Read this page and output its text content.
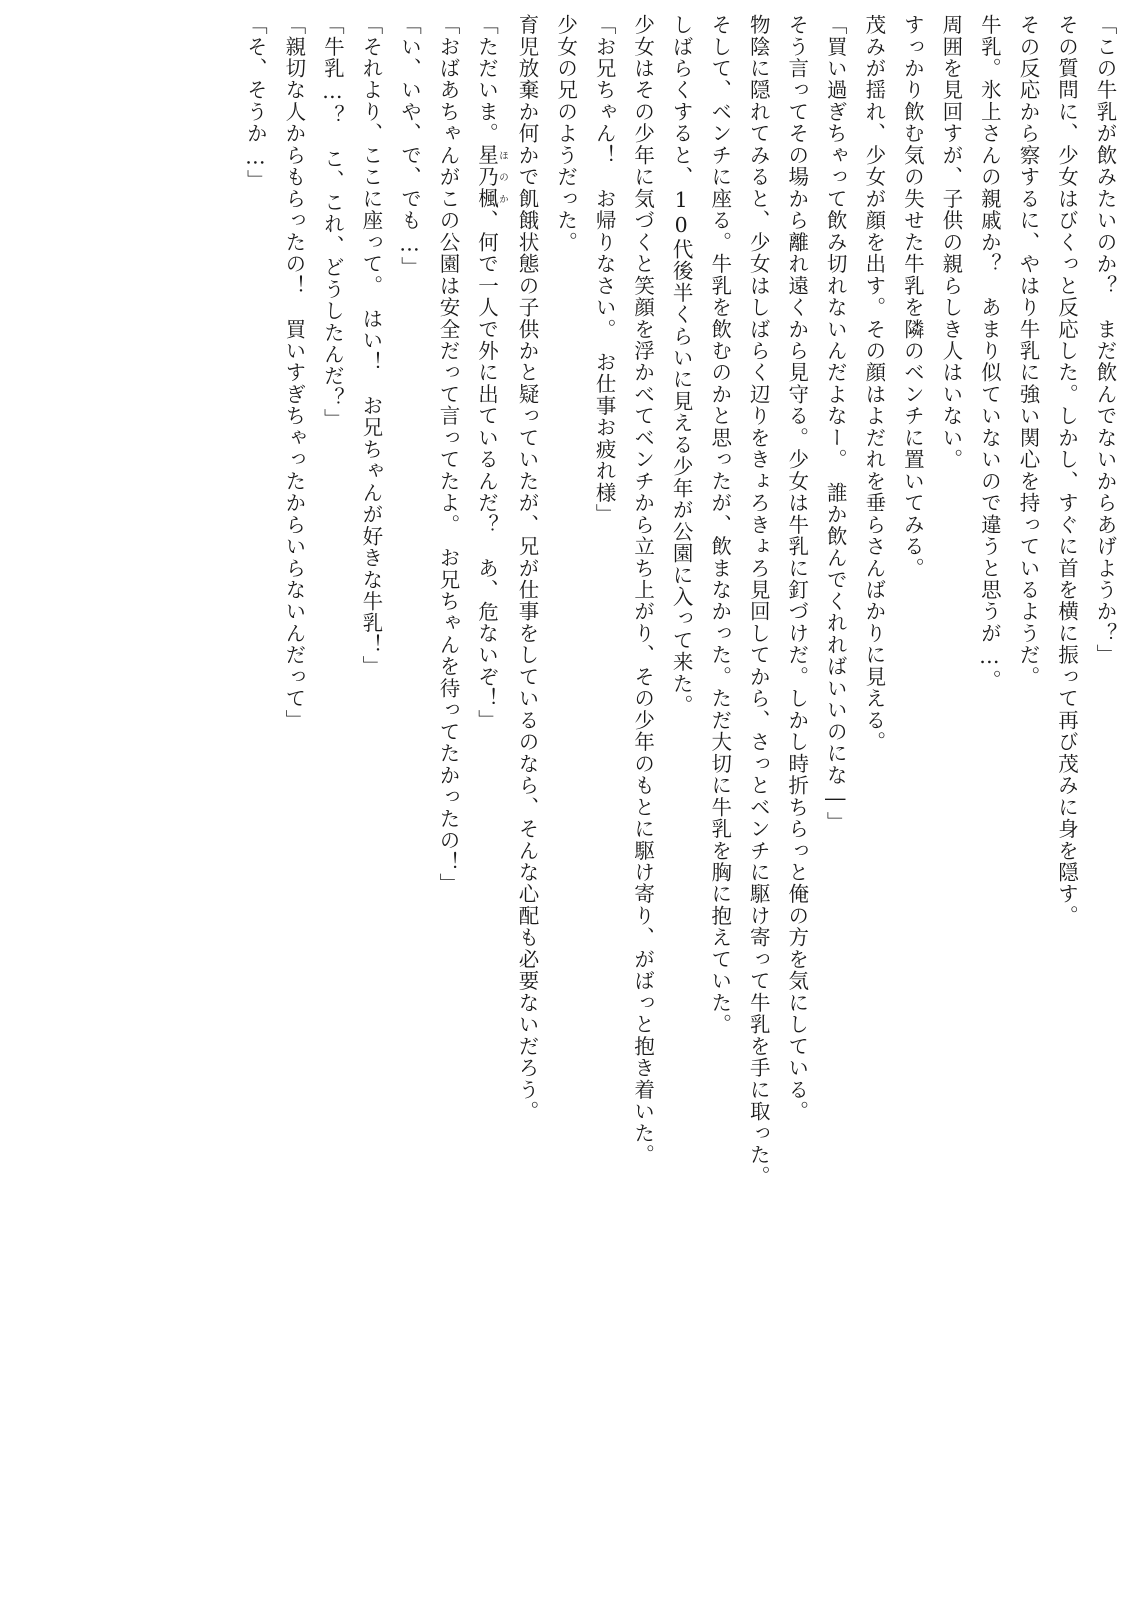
「この牛乳が飲みたいのか？　まだ飲んでないからあげようか？」

その質問に、少女はびくっと反応した。しかし、すぐに首を横に振って再び茂みに身を隠す。

その反応から察するに、やはり牛乳に強い関心を持っているようだ。

牛乳。氷上さんの親戚か？　あまり似ていないので違うと思うが…。

周囲を見回すが、子供の親らしき人はいない。

すっかり飲む気の失せた牛乳を隣のベンチに置いてみる。

茂みが揺れ、少女が顔を出す。その顔はよだれを垂らさんばかりに見える。

「買い過ぎちゃって飲み切れないんだよなー。　誰か飲んでくれればいいのにな―」

そう言ってその場から離れ遠くから見守る。少女は牛乳に釘づけだ。しかし時折ちらっと俺の方を気にしている。

物陰に隠れてみると、少女はしばらく辺りをきょろきょろ見回してから、さっとベンチに駆け寄って牛乳を手に取った。

そして、ベンチに座る。牛乳を飲むのかと思ったが、飲まなかった。ただ大切に牛乳を胸に抱えていた。

しばらくすると、10代後半くらいに見える少年が公園に入って来た。

少女はその少年に気づくと笑顔を浮かべてベンチから立ち上がり、その少年のもとに駆け寄り、がばっと抱き着いた。

「お兄ちゃん！　お帰りなさい。　お仕事お疲れ様」

少女の兄のようだった。

育児放棄か何かで飢餓状態の子供かと疑っていたが、兄が仕事をしているのなら、そんな心配も必要ないだろう。

「ただいま。星乃楓ほのか、何で一人で外に出ているんだ？　あ、危ないぞ！」

「おばあちゃんがこの公園は安全だって言ってたよ。　お兄ちゃんを待ってたかったの！」

「い、いや、で、でも…」

「それより、ここに座って。　はい！　お兄ちゃんが好きな牛乳！」

「牛乳…？　こ、これ、どうしたんだ？」

「親切な人からもらったの！　買いすぎちゃったからいらないんだって」

「そ、そうか…」
